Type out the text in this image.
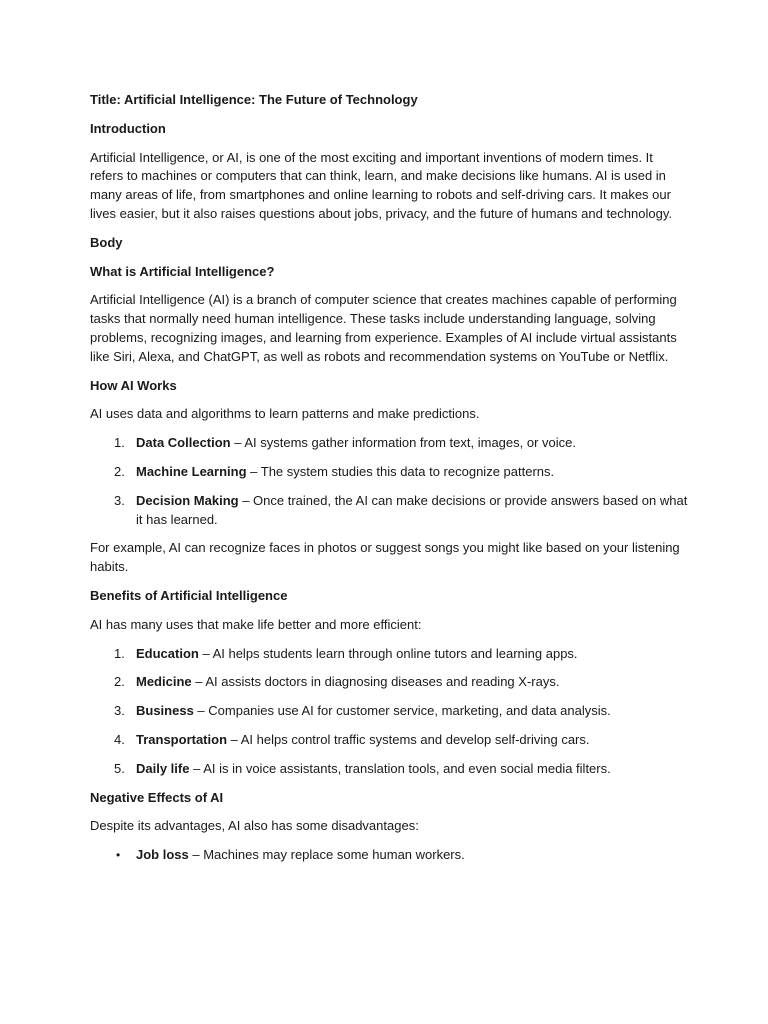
Title: Artificial Intelligence: The Future of Technology

Introduction

Artificial Intelligence, or AI, is one of the most exciting and important inventions of modern times. It refers to machines or computers that can think, learn, and make decisions like humans. AI is used in many areas of life, from smartphones and online learning to robots and self-driving cars. It makes our lives easier, but it also raises questions about jobs, privacy, and the future of humans and technology.

Body

What is Artificial Intelligence?

Artificial Intelligence (AI) is a branch of computer science that creates machines capable of performing tasks that normally need human intelligence. These tasks include understanding language, solving problems, recognizing images, and learning from experience. Examples of AI include virtual assistants like Siri, Alexa, and ChatGPT, as well as robots and recommendation systems on YouTube or Netflix.

How AI Works

AI uses data and algorithms to learn patterns and make predictions.

1. Data Collection – AI systems gather information from text, images, or voice.
2. Machine Learning – The system studies this data to recognize patterns.
3. Decision Making – Once trained, the AI can make decisions or provide answers based on what it has learned.

For example, AI can recognize faces in photos or suggest songs you might like based on your listening habits.

Benefits of Artificial Intelligence

AI has many uses that make life better and more efficient:

1. Education – AI helps students learn through online tutors and learning apps.
2. Medicine – AI assists doctors in diagnosing diseases and reading X-rays.
3. Business – Companies use AI for customer service, marketing, and data analysis.
4. Transportation – AI helps control traffic systems and develop self-driving cars.
5. Daily life – AI is in voice assistants, translation tools, and even social media filters.

Negative Effects of AI

Despite its advantages, AI also has some disadvantages:

• Job loss – Machines may replace some human workers.
